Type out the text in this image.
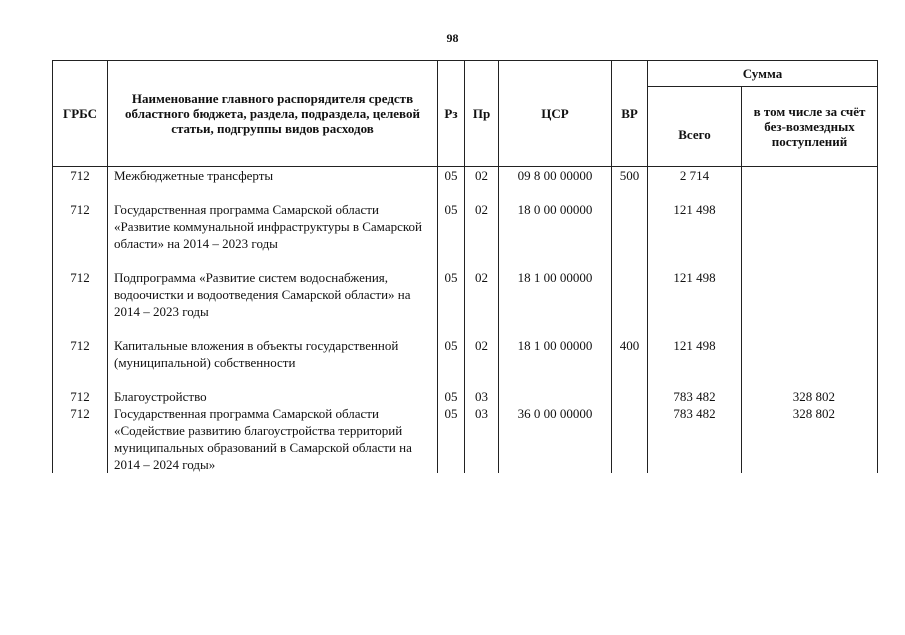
98
ГРБС	Наименование главного распорядителя средств областного бюджета, раздела, подраздела, целевой статьи, подгруппы видов расходов	Рз	Пр	ЦСР	ВР	Сумма	
						Всего	в том числе за счёт без-возмездных поступлений
712	Межбюджетные трансферты	05	02	09 8 00 00000	500	2 714	

712	Государственная программа Самарской области «Развитие коммунальной инфраструктуры в Самарской области» на 2014 – 2023 годы	05	02	18 0 00 00000		121 498	

712	Подпрограмма «Развитие систем водоснабжения, водоочистки и водоотведения Самарской области» на 2014 – 2023 годы	05	02	18 1 00 00000		121 498	

712	Капитальные вложения в объекты государственной (муниципальной) собственности	05	02	18 1 00 00000	400	121 498	

712	Благоустройство	05	03			783 482	328 802
712	Государственная программа Самарской области «Содействие развитию благоустройства территорий муниципальных образований в Самарской области на 2014 – 2024 годы»	05	03	36 0 00 00000		783 482	328 802
